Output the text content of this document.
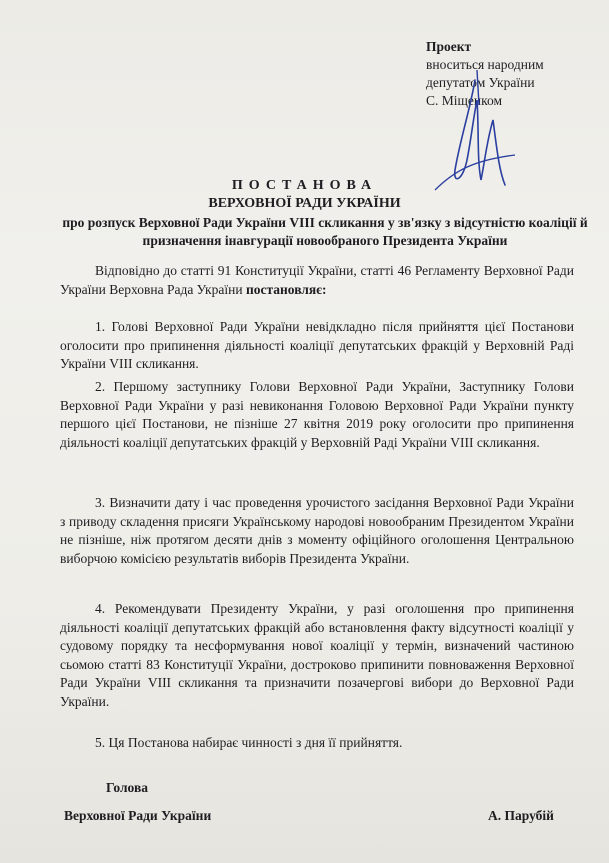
Проект
вноситься народним
депутатом України
С. Міщенком
ПОСТАНОВА
ВЕРХОВНОЇ РАДИ УКРАЇНИ
про розпуск Верховної Ради України VIII скликання у зв'язку з відсутністю коаліції й призначення інавгурації новообраного Президента України
Відповідно до статті 91 Конституції України, статті 46 Регламенту Верховної Ради України Верховна Рада України постановляє:
1. Голові Верховної Ради України невідкладно після прийняття цієї Постанови оголосити про припинення діяльності коаліції депутатських фракцій у Верховній Раді України VIII скликання.
2. Першому заступнику Голови Верховної Ради України, Заступнику Голови Верховної Ради України у разі невиконання Головою Верховної Ради України пункту першого цієї Постанови, не пізніше 27 квітня 2019 року оголосити про припинення діяльності коаліції депутатських фракцій у Верховній Раді України VIII скликання.
3. Визначити дату і час проведення урочистого засідання Верховної Ради України з приводу складення присяги Українському народові новообраним Президентом України не пізніше, ніж протягом десяти днів з моменту офіційного оголошення Центральною виборчою комісією результатів виборів Президента України.
4. Рекомендувати Президенту України, у разі оголошення про припинення діяльності коаліції депутатських фракцій або встановлення факту відсутності коаліції у судовому порядку та несформування нової коаліції у термін, визначений частиною сьомою статті 83 Конституції України, достроково припинити повноваження Верховної Ради України VIII скликання та призначити позачергові вибори до Верховної Ради України.
5. Ця Постанова набирає чинності з дня її прийняття.
Голова
Верховної Ради України	А. Парубій
